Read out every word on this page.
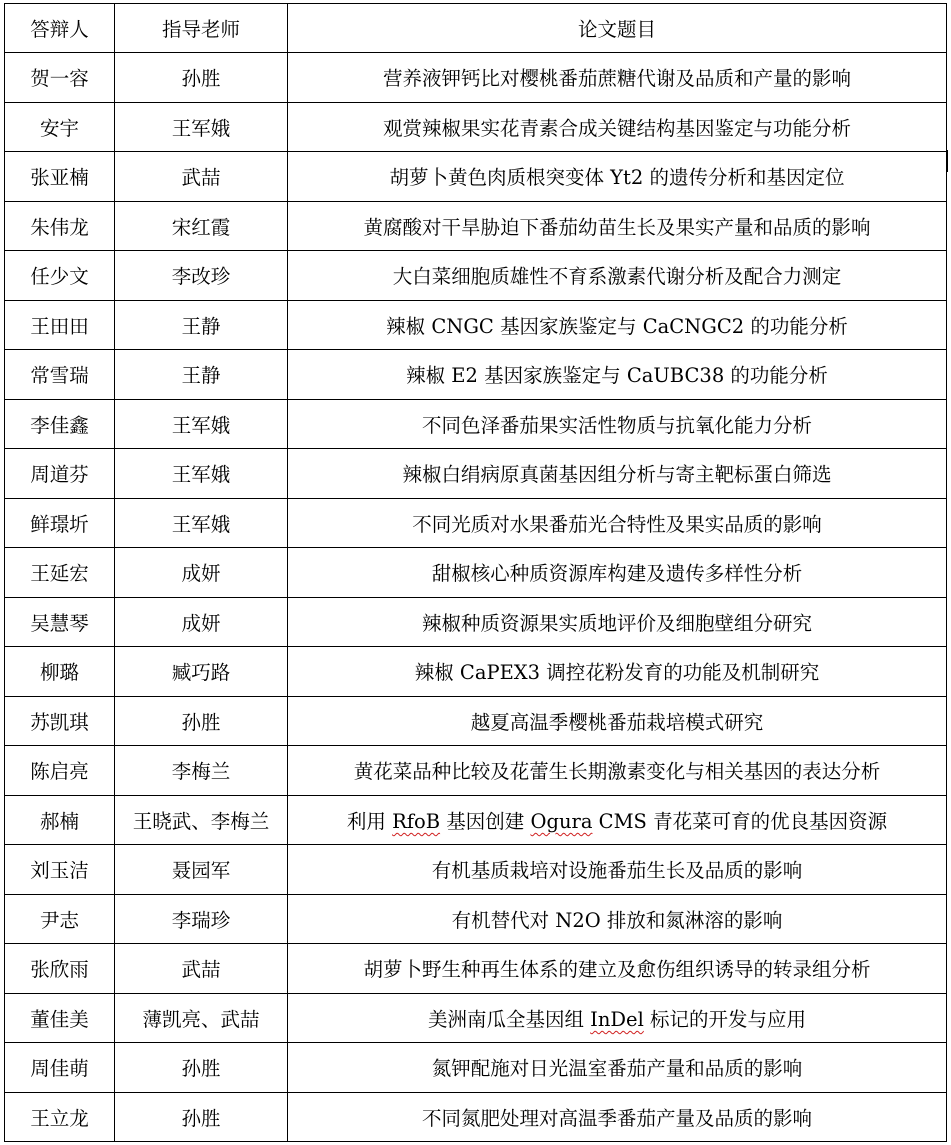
答辩人	指导老师	论文题目
贺一容	孙胜	营养液钾钙比对樱桃番茄蔗糖代谢及品质和产量的影响
安宇	王军娥	观赏辣椒果实花青素合成关键结构基因鉴定与功能分析
张亚楠	武喆	胡萝卜黄色肉质根突变体 Yt2 的遗传分析和基因定位
朱伟龙	宋红霞	黄腐酸对干旱胁迫下番茄幼苗生长及果实产量和品质的影响
任少文	李改珍	大白菜细胞质雄性不育系激素代谢分析及配合力测定
王田田	王静	辣椒 CNGC 基因家族鉴定与 CaCNGC2 的功能分析
常雪瑞	王静	辣椒 E2 基因家族鉴定与 CaUBC38 的功能分析
李佳鑫	王军娥	不同色泽番茄果实活性物质与抗氧化能力分析
周道芬	王军娥	辣椒白绢病原真菌基因组分析与寄主靶标蛋白筛选
鲜璟圻	王军娥	不同光质对水果番茄光合特性及果实品质的影响
王延宏	成妍	甜椒核心种质资源库构建及遗传多样性分析
吴慧琴	成妍	辣椒种质资源果实质地评价及细胞壁组分研究
柳璐	臧巧路	辣椒 CaPEX3 调控花粉发育的功能及机制研究
苏凯琪	孙胜	越夏高温季樱桃番茄栽培模式研究
陈启亮	李梅兰	黄花菜品种比较及花蕾生长期激素变化与相关基因的表达分析
郝楠	王晓武、李梅兰	利用 RfoB 基因创建 Ogura CMS 青花菜可育的优良基因资源
刘玉洁	聂园军	有机基质栽培对设施番茄生长及品质的影响
尹志	李瑞珍	有机替代对 N2O 排放和氮淋溶的影响
张欣雨	武喆	胡萝卜野生种再生体系的建立及愈伤组织诱导的转录组分析
董佳美	薄凯亮、武喆	美洲南瓜全基因组 InDel 标记的开发与应用
周佳萌	孙胜	氮钾配施对日光温室番茄产量和品质的影响
王立龙	孙胜	不同氮肥处理对高温季番茄产量及品质的影响
